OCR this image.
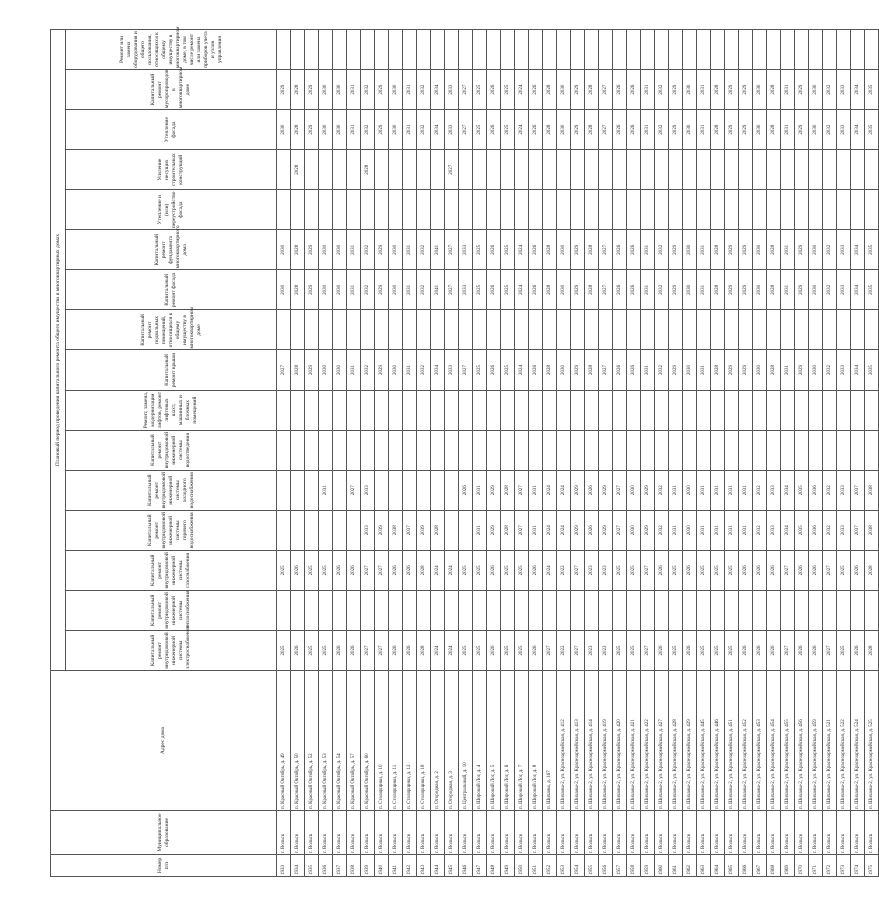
Номер п/п	Муниципальное образование	Адрес дома	Плановый период проведения капитального ремонта общего имущества в многоквартирных домах															
			Капитальный ремонт внутридомовой инженерной системы электроснабжения	Капитальный ремонт внутридомовой инженерной системы теплоснабжения	Капитальный ремонт внутридомовой инженерной системы газоснабжения	Капитальный ремонт внутридомовой инженерной системы горячего водоснабжения	Капитальный ремонт внутридомовой инженерной системы холодного водоснабжения	Капитальный ремонт внутридомовой инженерной системы водоотведения	Ремонт, замена, модернизация лифтов, ремонт лифтовых шахт, машинных и блочных помещений	Капитальный ремонт крыши	Капитальный ремонт подвальных помещений, относящихся к общему имуществу в многоквартирном доме	Капитальный ремонт фасада	Капитальный ремонт фундамента многоквартирного дома	Утепление и (или) переустройство фасада	Усиление несущих строительных конструкций	Утепление фасада	Капитальный ремонт мусоропроводов в многоквартирном доме	Ремонт или замена оборудования и общего пользования, относящихся к общему имуществу в многоквартирном доме, в том числе ремонт или замена приборов учета и узлов управления

1933	г. Вольск	п. Красный Октябрь, д. 49	2025		2025					2027		2030	2030			2030	2029	
1934	г. Вольск	п. Красный Октябрь, д. 50	2026		2026					2028		2028	2028		2028	2028	2028	
1935	г. Вольск	п. Красный Октябрь, д. 52	2025		2025					2029		2029	2029			2029	2029	
1936	г. Вольск	п. Красный Октябрь, д. 53	2025		2025		2031			2030		2030	2030			2030	2030	
1937	г. Вольск	п. Красный Октябрь, д. 54	2026		2026					2030		2030	2030			2030	2030	
1938	г. Вольск	п. Красный Октябрь, д. 57	2026		2026		2027			2031		2031	2031			2031	2031	
1939	г. Вольск	п. Красный Октябрь, д. 60	2027		2027	2033	2033			2032		2032	2032		2028	2032	2032	
1940	г. Вольск	п. Столярщики, д. 10	2027		2027	2039				2029		2029	2029			2029	2029	
1941	г. Вольск	п. Столярщики, д. 11	2026		2026	2038				2030		2030	2030			2030	2030	
1942	г. Вольск	п. Столярщики, д. 12	2026		2026	2037				2031		2031	2031			2031	2031	
1943	г. Вольск	п. Столярщики, д. 18	2028		2028	2039				2032		2032	2032			2032	2032	
1944	г. Вольск	п. Огородная, д. 2	2024		2024	2028				2034		2041	2041			2034	2034	
1945	г. Вольск	п. Огородная, д. 3	2024		2024					2033		2027	2027		2027	2033	2033	
1946	г. Вольск	п. Центральный, д. 10	2025		2025		2026			2027		2033	2033			2027	2027	
1947	г. Вольск	п. Широкий Лог, д. 4	2025		2025	2031	2031			2025		2025	2025			2025	2025	
1948	г. Вольск	п. Широкий Лог, д. 5	2026		2026	2029	2029			2026		2026	2026			2026	2026	
1949	г. Вольск	п. Широкий Лог, д. 6	2025		2025	2028	2028			2025		2025	2025			2025	2025	
1950	г. Вольск	п. Широкий Лог, д. 7	2025		2025	2027	2027			2024		2024	2024			2024	2024	
1951	г. Вольск	п. Широкий Лог, д. 8	2026		2026	2031	2031			2026		2026	2026			2026	2026	
1952	г. Вольск	п. Шиханы, д. 167	2027		2024	2024	2024			2028		2028	2028			2028	2028	
1953	г. Вольск	п. Шиханы-2, ул. Красноармейская, д. 412	2022		2022	2024	2024			2030		2030	2030			2030	2030	
1954	г. Вольск	п. Шиханы-2, ул. Красноармейская, д. 413	2027		2027	2029	2029			2029		2029	2029			2029	2029	
1955	г. Вольск	п. Шиханы-2, ул. Красноармейская, д. 414	2023		2023	2026	2026			2028		2028	2028			2028	2028	
1956	г. Вольск	п. Шиханы-2, ул. Красноармейская, д. 419	2023		2023	2029	2029			2027		2027	2027			2027	2027	
1957	г. Вольск	п. Шиханы-2, ул. Красноармейская, д. 420	2025		2025	2027	2027			2026		2026	2026			2026	2026	
1958	г. Вольск	п. Шиханы-2, ул. Красноармейская, д. 421	2025		2025	2030	2030			2026		2026	2026			2026	2026	
1959	г. Вольск	п. Шиханы-2, ул. Красноармейская, д. 422	2027		2027	2029	2029			2031		2031	2031			2031	2031	
1960	г. Вольск	п. Шиханы-2, ул. Красноармейская, д. 427	2026		2026	2032	2032			2032		2032	2032			2032	2032	
1961	г. Вольск	п. Шиханы-2, ул. Красноармейская, д. 428	2025		2025	2031	2031			2029		2029	2029			2029	2029	
1962	г. Вольск	п. Шиханы-2, ул. Красноармейская, д. 429	2026		2026	2030	2030			2030		2030	2030			2030	2030	
1963	г. Вольск	п. Шиханы-2, ул. Красноармейская, д. 445	2025		2025	2031	2031			2031		2031	2031			2031	2031	
1964	г. Вольск	п. Шиханы-2, ул. Красноармейская, д. 446	2025		2025	2031	2031			2028		2028	2028			2028	2028	
1965	г. Вольск	п. Шиханы-2, ул. Красноармейская, д. 451	2025		2025	2031	2031			2029		2029	2029			2029	2029	
1966	г. Вольск	п. Шиханы-2, ул. Красноармейская, д. 452	2026		2026	2031	2031			2029		2029	2029			2029	2029	
1967	г. Вольск	п. Шиханы-2, ул. Красноармейская, д. 453	2026		2026	2032	2032			2030		2030	2030			2030	2030	
1968	г. Вольск	п. Шиханы-2, ул. Красноармейская, д. 454	2026		2026	2033	2033			2028		2028	2028			2028	2028	
1969	г. Вольск	п. Шиханы-2, ул. Красноармейская, д. 455	2027		2027	2034	2034			2031		2031	2031			2031	2031	
1970	г. Вольск	п. Шиханы-2, ул. Красноармейская, д. 456	2026		2026	2035	2035			2029		2029	2029			2029	2029	
1971	г. Вольск	п. Шиханы-2, ул. Красноармейская, д. 459	2026		2026	2036	2036			2030		2030	2030			2030	2030	
1972	г. Вольск	п. Шиханы-2, ул. Красноармейская, д. 521	2027		2027	2032	2032			2032		2032	2032			2032	2032	
1973	г. Вольск	п. Шиханы-2, ул. Красноармейская, д. 522	2025		2025	2033	2033			2033		2033	2033			2033	2033	
1974	г. Вольск	п. Шиханы-2, ул. Красноармейская, д. 524	2026		2026	2037	2037			2034		2034	2034			2034	2034	
1975	г. Вольск	п. Шиханы-2, ул. Красноармейская, д. 525	2028		2028	2038	2038			2035		2035	2035			2035	2035	
